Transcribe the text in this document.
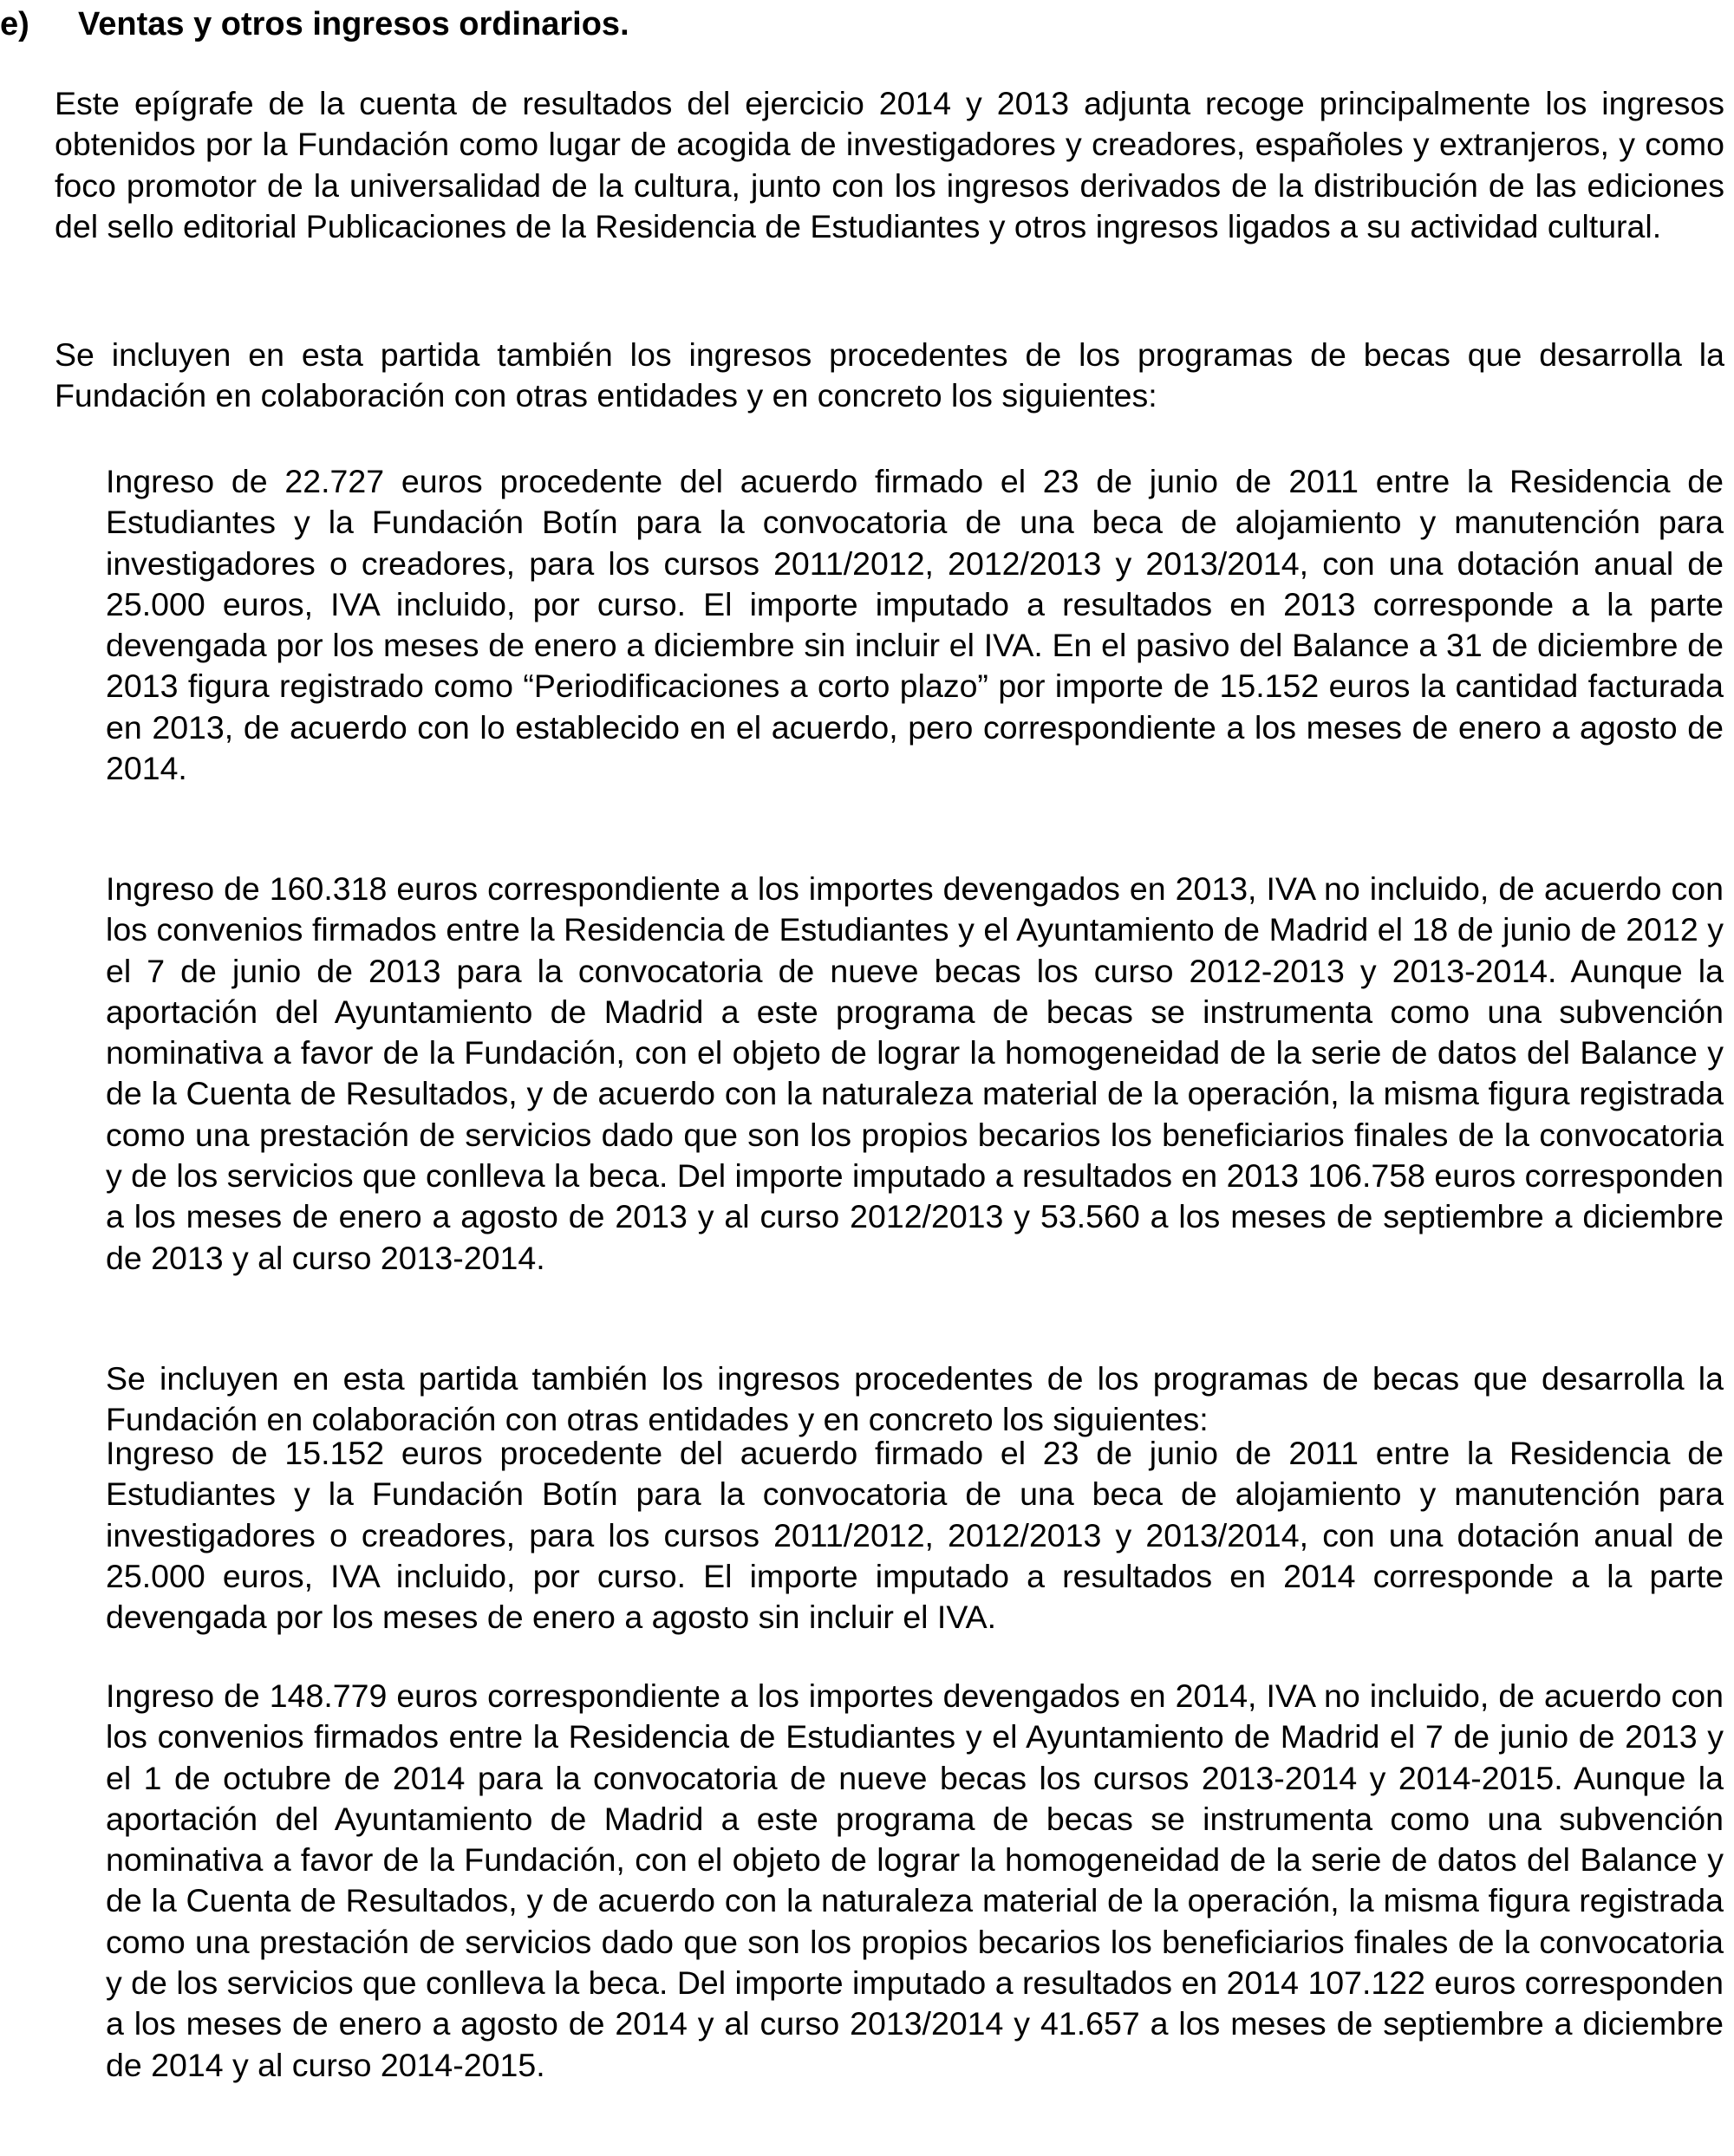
e) Ventas y otros ingresos ordinarios.

Este epígrafe de la cuenta de resultados del ejercicio 2014 y 2013 adjunta recoge principalmente los ingresos obtenidos por la Fundación como lugar de acogida de investigadores y creadores, españoles y extranjeros, y como foco promotor de la universalidad de la cultura, junto con los ingresos derivados de la distribución de las ediciones del sello editorial Publicaciones de la Residencia de Estudiantes y otros ingresos ligados a su actividad cultural.

Se incluyen en esta partida también los ingresos procedentes de los programas de becas que desarrolla la Fundación en colaboración con otras entidades y en concreto los siguientes:

Ingreso de 22.727 euros procedente del acuerdo firmado el 23 de junio de 2011 entre la Residencia de Estudiantes y la Fundación Botín para la convocatoria de una beca de alojamiento y manutención para investigadores o creadores, para los cursos 2011/2012, 2012/2013 y 2013/2014, con una dotación anual de 25.000 euros, IVA incluido, por curso. El importe imputado a resultados en 2013 corresponde a la parte devengada por los meses de enero a diciembre sin incluir el IVA. En el pasivo del Balance a 31 de diciembre de 2013 figura registrado como “Periodificaciones a corto plazo” por importe de 15.152 euros la cantidad facturada en 2013, de acuerdo con lo establecido en el acuerdo, pero correspondiente a los meses de enero a agosto de 2014.

Ingreso de 160.318 euros correspondiente a los importes devengados en 2013, IVA no incluido, de acuerdo con los convenios firmados entre la Residencia de Estudiantes y el Ayuntamiento de Madrid el 18 de junio de 2012 y el 7 de junio de 2013 para la convocatoria de nueve becas los curso 2012-2013 y 2013-2014. Aunque la aportación del Ayuntamiento de Madrid a este programa de becas se instrumenta como una subvención nominativa a favor de la Fundación, con el objeto de lograr la homogeneidad de la serie de datos del Balance y de la Cuenta de Resultados, y de acuerdo con la naturaleza material de la operación, la misma figura registrada como una prestación de servicios dado que son los propios becarios los beneficiarios finales de la convocatoria y de los servicios que conlleva la beca. Del importe imputado a resultados en 2013 106.758 euros corresponden a los meses de enero a agosto de 2013 y al curso 2012/2013 y 53.560 a los meses de septiembre a diciembre de 2013 y al curso 2013-2014.

Se incluyen en esta partida también los ingresos procedentes de los programas de becas que desarrolla la Fundación en colaboración con otras entidades y en concreto los siguientes:

Ingreso de 15.152 euros procedente del acuerdo firmado el 23 de junio de 2011 entre la Residencia de Estudiantes y la Fundación Botín para la convocatoria de una beca de alojamiento y manutención para investigadores o creadores, para los cursos 2011/2012, 2012/2013 y 2013/2014, con una dotación anual de 25.000 euros, IVA incluido, por curso. El importe imputado a resultados en 2014 corresponde a la parte devengada por los meses de enero a agosto sin incluir el IVA.

Ingreso de 148.779 euros correspondiente a los importes devengados en 2014, IVA no incluido, de acuerdo con los convenios firmados entre la Residencia de Estudiantes y el Ayuntamiento de Madrid el 7 de junio de 2013 y el 1 de octubre de 2014 para la convocatoria de nueve becas los cursos 2013-2014 y 2014-2015. Aunque la aportación del Ayuntamiento de Madrid a este programa de becas se instrumenta como una subvención nominativa a favor de la Fundación, con el objeto de lograr la homogeneidad de la serie de datos del Balance y de la Cuenta de Resultados, y de acuerdo con la naturaleza material de la operación, la misma figura registrada como una prestación de servicios dado que son los propios becarios los beneficiarios finales de la convocatoria y de los servicios que conlleva la beca. Del importe imputado a resultados en 2014 107.122 euros corresponden a los meses de enero a agosto de 2014 y al curso 2013/2014 y 41.657 a los meses de septiembre a diciembre de 2014 y al curso 2014-2015.
